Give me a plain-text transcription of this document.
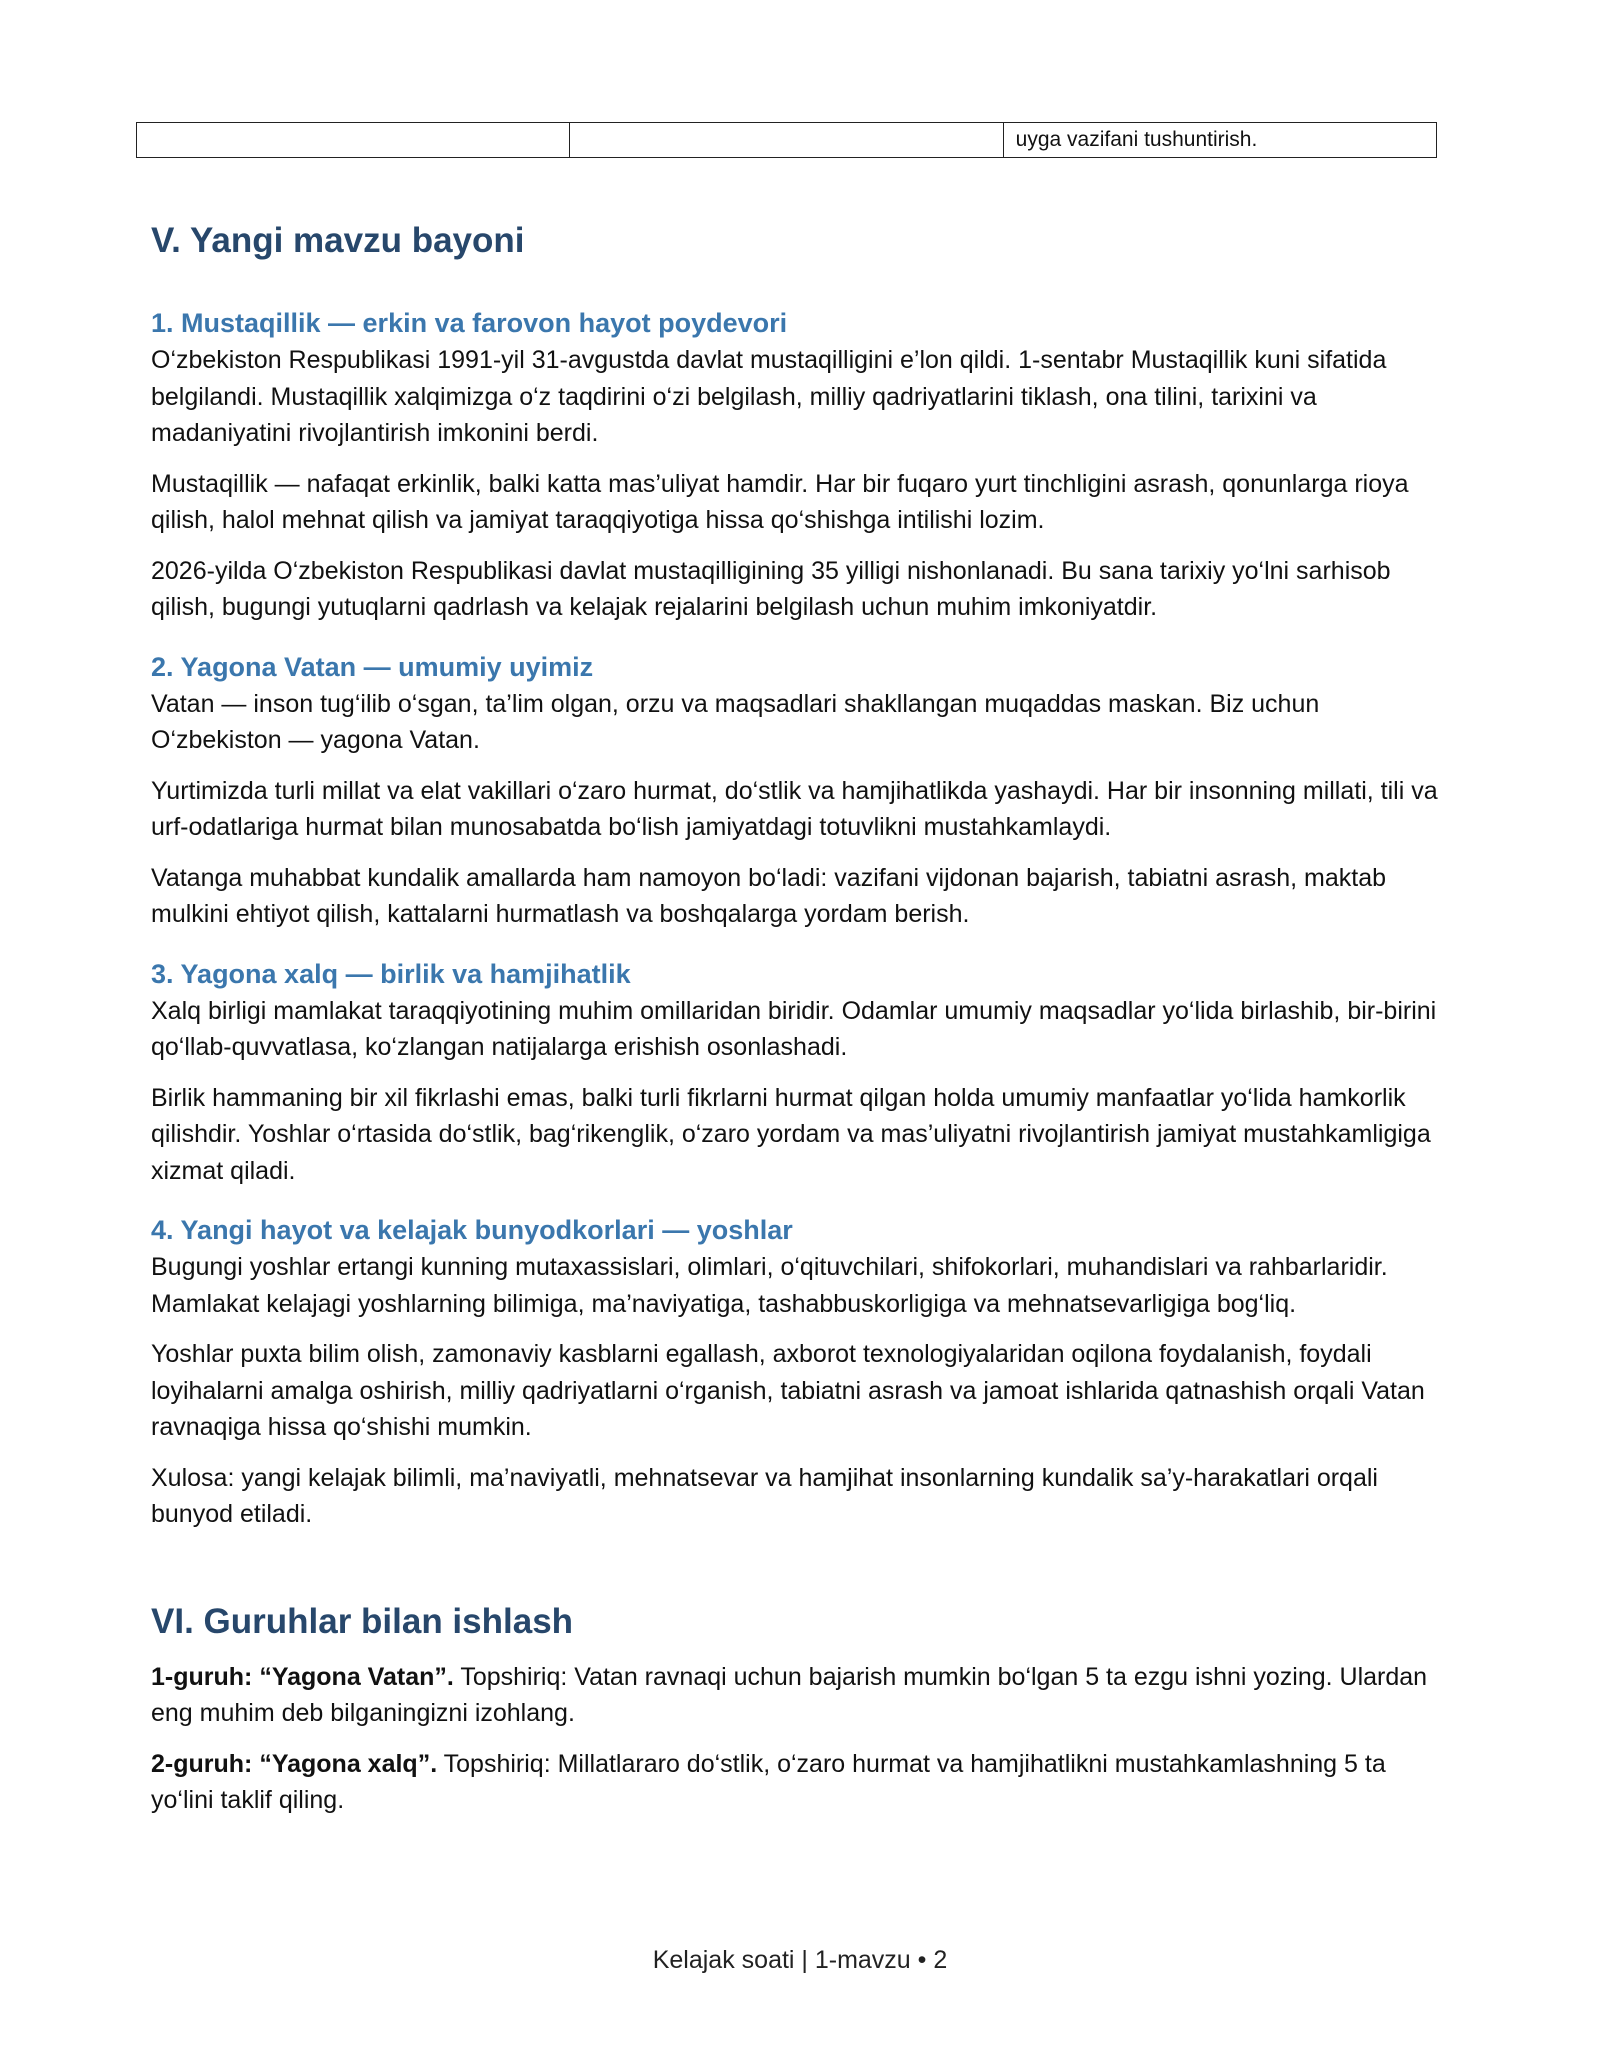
		uyga vazifani tushuntirish.
V. Yangi mavzu bayoni
1. Mustaqillik — erkin va farovon hayot poydevori

O‘zbekiston Respublikasi 1991-yil 31-avgustda davlat mustaqilligini e’lon qildi. 1-sentabr Mustaqillik kuni sifatida belgilandi. Mustaqillik xalqimizga o‘z taqdirini o‘zi belgilash, milliy qadriyatlarini tiklash, ona tilini, tarixini va madaniyatini rivojlantirish imkonini berdi.

Mustaqillik — nafaqat erkinlik, balki katta mas’uliyat hamdir. Har bir fuqaro yurt tinchligini asrash, qonunlarga rioya qilish, halol mehnat qilish va jamiyat taraqqiyotiga hissa qo‘shishga intilishi lozim.

2026-yilda O‘zbekiston Respublikasi davlat mustaqilligining 35 yilligi nishonlanadi. Bu sana tarixiy yo‘lni sarhisob qilish, bugungi yutuqlarni qadrlash va kelajak rejalarini belgilash uchun muhim imkoniyatdir.

2. Yagona Vatan — umumiy uyimiz

Vatan — inson tug‘ilib o‘sgan, ta’lim olgan, orzu va maqsadlari shakllangan muqaddas maskan. Biz uchun O‘zbekiston — yagona Vatan.

Yurtimizda turli millat va elat vakillari o‘zaro hurmat, do‘stlik va hamjihatlikda yashaydi. Har bir insonning millati, tili va urf-odatlariga hurmat bilan munosabatda bo‘lish jamiyatdagi totuvlikni mustahkamlaydi.

Vatanga muhabbat kundalik amallarda ham namoyon bo‘ladi: vazifani vijdonan bajarish, tabiatni asrash, maktab mulkini ehtiyot qilish, kattalarni hurmatlash va boshqalarga yordam berish.

3. Yagona xalq — birlik va hamjihatlik

Xalq birligi mamlakat taraqqiyotining muhim omillaridan biridir. Odamlar umumiy maqsadlar yo‘lida birlashib, bir-birini qo‘llab-quvvatlasa, ko‘zlangan natijalarga erishish osonlashadi.

Birlik hammaning bir xil fikrlashi emas, balki turli fikrlarni hurmat qilgan holda umumiy manfaatlar yo‘lida hamkorlik qilishdir. Yoshlar o‘rtasida do‘stlik, bag‘rikenglik, o‘zaro yordam va mas’uliyatni rivojlantirish jamiyat mustahkamligiga xizmat qiladi.

4. Yangi hayot va kelajak bunyodkorlari — yoshlar

Bugungi yoshlar ertangi kunning mutaxassislari, olimlari, o‘qituvchilari, shifokorlari, muhandislari va rahbarlaridir. Mamlakat kelajagi yoshlarning bilimiga, ma’naviyatiga, tashabbuskorligiga va mehnatsevarligiga bog‘liq.

Yoshlar puxta bilim olish, zamonaviy kasblarni egallash, axborot texnologiyalaridan oqilona foydalanish, foydali loyihalarni amalga oshirish, milliy qadriyatlarni o‘rganish, tabiatni asrash va jamoat ishlarida qatnashish orqali Vatan ravnaqiga hissa qo‘shishi mumkin.

Xulosa: yangi kelajak bilimli, ma’naviyatli, mehnatsevar va hamjihat insonlarning kundalik sa’y-harakatlari orqali bunyod etiladi.

VI. Guruhlar bilan ishlash

1-guruh: “Yagona Vatan”. Topshiriq: Vatan ravnaqi uchun bajarish mumkin bo‘lgan 5 ta ezgu ishni yozing. Ulardan eng muhim deb bilganingizni izohlang.

2-guruh: “Yagona xalq”. Topshiriq: Millatlararo do‘stlik, o‘zaro hurmat va hamjihatlikni mustahkamlashning 5 ta yo‘lini taklif qiling.

Kelajak soati | 1-mavzu • 2
